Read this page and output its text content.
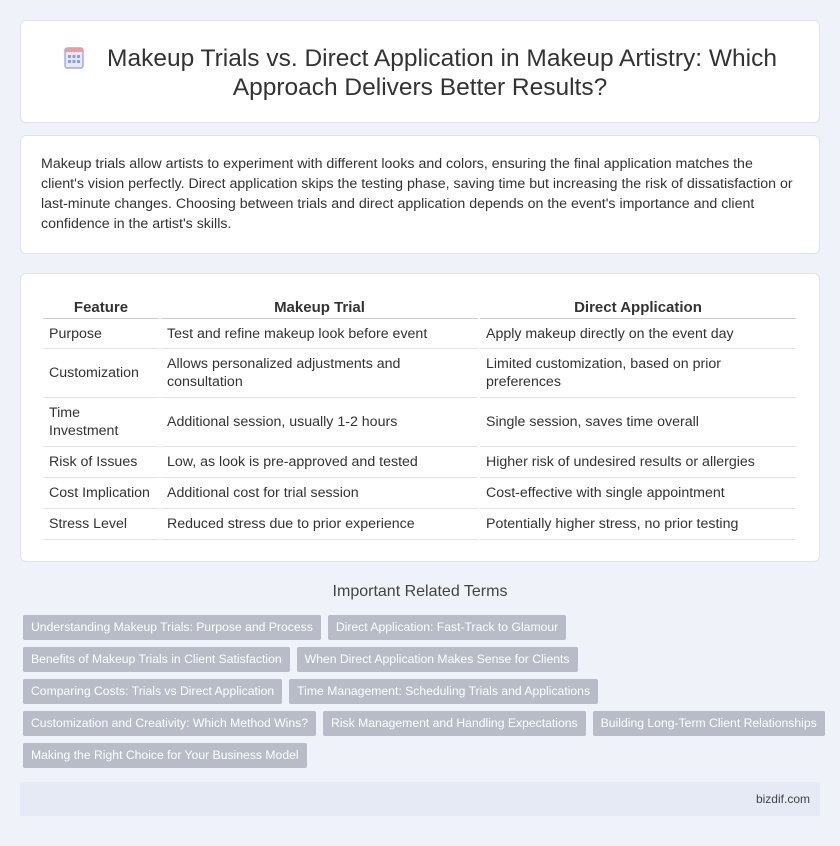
Makeup Trials vs. Direct Application in Makeup Artistry: Which Approach Delivers Better Results?

Makeup trials allow artists to experiment with different looks and colors, ensuring the final application matches the client's vision perfectly. Direct application skips the testing phase, saving time but increasing the risk of dissatisfaction or last-minute changes. Choosing between trials and direct application depends on the event's importance and client confidence in the artist's skills.

Feature	Makeup Trial	Direct Application
Purpose	Test and refine makeup look before event	Apply makeup directly on the event day
Customization	Allows personalized adjustments and consultation	Limited customization, based on prior preferences
Time Investment	Additional session, usually 1-2 hours	Single session, saves time overall
Risk of Issues	Low, as look is pre-approved and tested	Higher risk of undesired results or allergies
Cost Implication	Additional cost for trial session	Cost-effective with single appointment
Stress Level	Reduced stress due to prior experience	Potentially higher stress, no prior testing
Important Related Terms
Understanding Makeup Trials: Purpose and Process	Direct Application: Fast-Track to Glamour
Benefits of Makeup Trials in Client Satisfaction	When Direct Application Makes Sense for Clients
Comparing Costs: Trials vs Direct Application	Time Management: Scheduling Trials and Applications
Customization and Creativity: Which Method Wins?	Risk Management and Handling Expectations	Building Long-Term Client Relationships
Making the Right Choice for Your Business Model
bizdif.com
